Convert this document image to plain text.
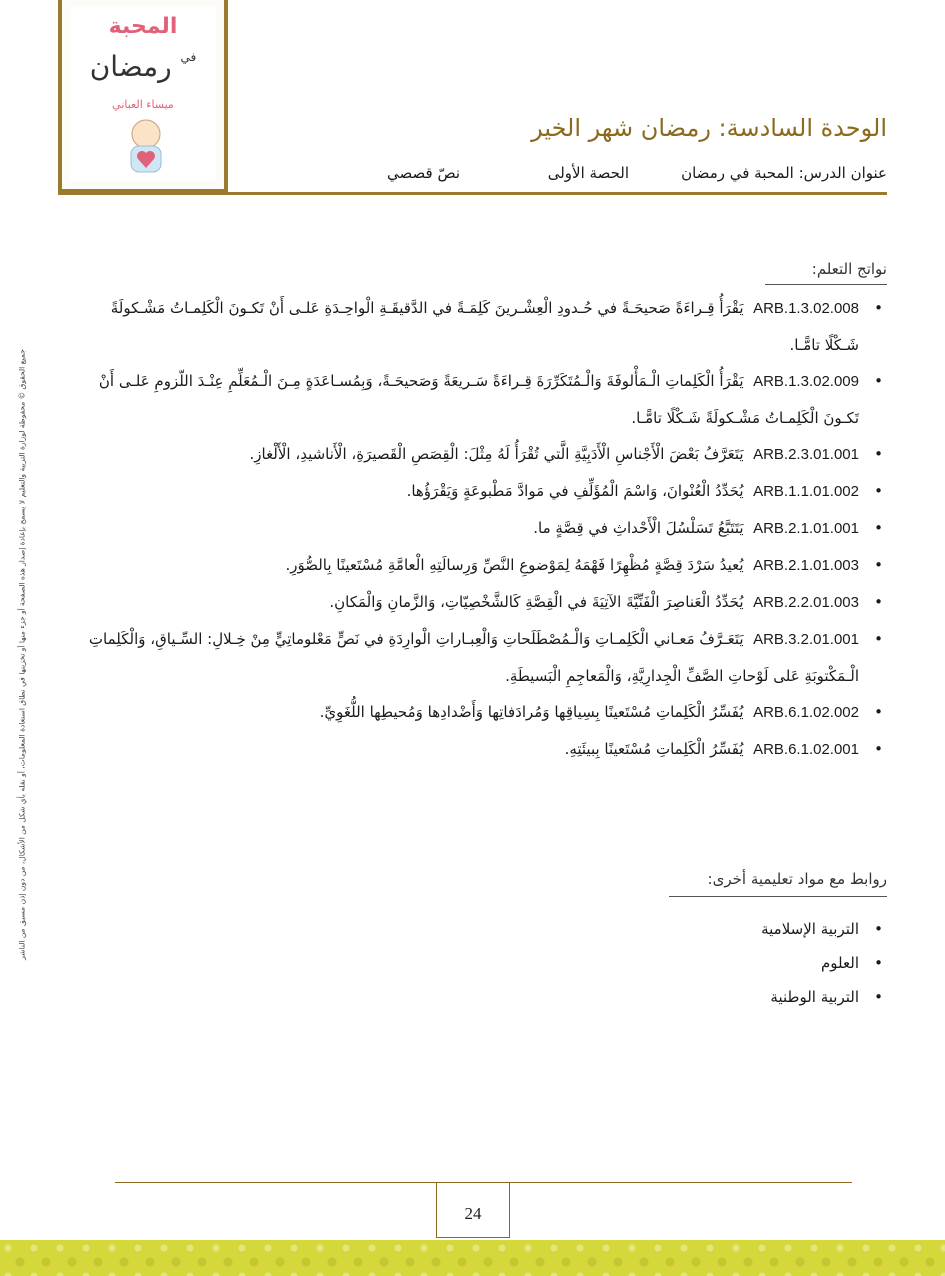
المحبة
$^{في}$ رمضان
ميساء العباني
الوحدة السادسة: رمضان شهر الخير
عنوان الدرس: المحبة في رمضان
الحصة الأولى
نصّ قصصي
نواتج التعلم:
•
ARB.1.3.02.008  يَقْرَأُ قِـراءَةً صَحيحَـةً في حُـدودِ الْعِشْـرينَ كَلِمَـةً في الدَّقيقَـةِ الْواحِـدَةِ عَلـى أَنْ تَكـونَ الْكَلِمـاتُ مَشْـكولَةً شَـكْلًا تامًّـا.
•
ARB.1.3.02.009  يَقْرَأُ الْكَلِماتِ الْـمَأْلوفَةَ وَالْـمُتَكَرِّرَةَ قِـراءَةً سَـريعَةً وَصَحيحَـةً، وَبِمُسـاعَدَةٍ مِـنَ الْـمُعَلِّمِ عِنْـدَ اللّزومِ عَلـى أَنْ تَكـونَ الْكَلِمـاتُ مَشْـكولَةً شَـكْلًا تامًّـا.
•
ARB.2.3.01.001  يَتَعَرَّفُ بَعْضَ الْأَجْناسِ الْأَدَبِيَّةِ الَّتي تُقْرَأُ لَهُ مِثْلَ: الْقِصَصِ الْقَصيرَةِ، الْأَناشيدِ، الْأَلْغازِ.
•
ARB.1.1.01.002  يُحَدِّدُ الْعُنْوانَ، وَاسْمَ الْمُؤَلِّفِ في مَوادَّ مَطْبوعَةٍ وَيَقْرَؤُها.
•
ARB.2.1.01.001  يَتَتَبَّعُ تَسَلْسُلَ الْأَحْداثِ في قِصَّةٍ ما.
•
ARB.2.1.01.003  يُعيدُ سَرْدَ قِصَّةٍ مُظْهِرًا فَهْمَهُ لِمَوْضوعِ النَّصِّ وَرِسالَتِهِ الْعامَّةِ مُسْتَعينًا بِالصُّوَرِ.
•
ARB.2.2.01.003  يُحَدِّدُ الْعَناصِرَ الْفَنِّيَّةَ الآتِيَةَ في الْقِصَّةِ كَالشَّخْصِيّاتِ، وَالزَّمانِ وَالْمَكانِ.
•
ARB.3.2.01.001  يَتَعَـرَّفُ مَعـاني الْكَلِمـاتِ وَالْـمُصْطَلَحاتِ وَالْعِبـاراتِ الْوارِدَةِ في نَصٍّ مَعْلوماتِيٍّ مِنْ خِـلالِ: السِّـياقِ، وَالْكَلِماتِ الْـمَكْتوبَةِ عَلى لَوْحاتِ الصَّفِّ الْجِدارِيَّةِ، وَالْمَعاجِمِ الْبَسيطَةِ.
•
ARB.6.1.02.002  يُفَسِّرُ الْكَلِماتِ مُسْتَعينًا بِسِياقِها وَمُرادَفاتِها وَأَضْدادِها وَمُحيطِها اللُّغَوِيِّ.
•
ARB.6.1.02.001  يُفَسِّرُ الْكَلِماتِ مُسْتَعينًا بِبيئَتِهِ.
روابط مع مواد تعليمية أخرى:
•
التربية الإسلامية
•
العلوم
•
التربية الوطنية
جميع الحقوق © محفوظة لوزارة التربية والتعليم لا يسمح بإعادة إصدار هذه الصفحة أو جزء منها أو تخزينها في نطاق استعادة المعلومات، أو نقله بأي شكل من الأشكال، من دون إذن مسبق من الناشر
24
